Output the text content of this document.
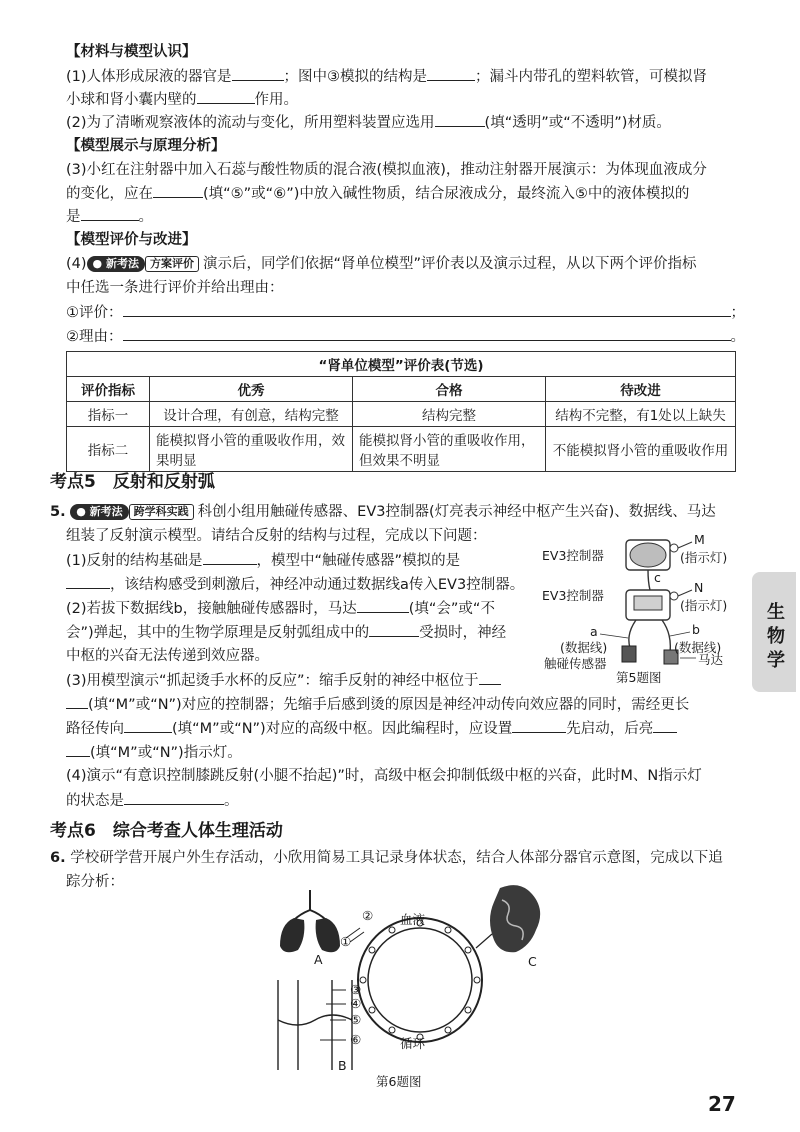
【材料与模型认识】
(1)人体形成尿液的器官是	；图中③模拟的结构是	；漏斗内带孔的塑料软管，可模拟肾
小球和肾小囊内壁的	作用。
(2)为了清晰观察液体的流动与变化，所用塑料装置应选用	(填“透明”或“不透明”)材质。
【模型展示与原理分析】
(3)小红在注射器中加入石蕊与酸性物质的混合液(模拟血液)，推动注射器开展演示：为体现血液成分
的变化，应在	(填“⑤”或“⑥”)中放入碱性物质，结合尿液成分，最终流入⑤中的液体模拟的
是	。
【模型评价与改进】
(4) ● 新考法 方案评价 演示后，同学们依据“肾单位模型”评价表以及演示过程，从以下两个评价指标
中任选一条进行评价并给出理由：
①评价：	；
②理由：	。
“肾单位模型”评价表(节选)			
评价指标	优秀	合格	待改进
指标一	设计合理，有创意，结构完整	结构完整	结构不完整，有1处以上缺失
指标二	能模拟肾小管的重吸收作用，效果明显	能模拟肾小管的重吸收作用，但效果不明显	不能模拟肾小管的重吸收作用
考点5　反射和反射弧
5. ● 新考法 跨学科实践 科创小组用触碰传感器、EV3控制器(灯亮表示神经中枢产生兴奋)、数据线、马达
组装了反射演示模型。请结合反射的结构与过程，完成以下问题：
(1)反射的结构基础是	，模型中“触碰传感器”模拟的是
，该结构感受到刺激后，神经冲动通过数据线a传入EV3控制器。
(2)若拔下数据线b，接触触碰传感器时，马达	(填“会”或“不
会”)弹起，其中的生物学原理是反射弧组成中的	受损时，神经
中枢的兴奋无法传递到效应器。
(3)用模型演示“抓起烫手水杯的反应”：缩手反射的神经中枢位于
(填“M”或“N”)对应的控制器；先缩手后感到烫的原因是神经冲动传向效应器的同时，需经更长
路径传向	(填“M”或“N”)对应的高级中枢。因此编程时，应设置	先启动，后亮
(填“M”或“N”)指示灯。
(4)演示“有意识控制膝跳反射(小腿不抬起)”时，高级中枢会抑制低级中枢的兴奋，此时M、N指示灯
的状态是	。
EV3控制器
EV3控制器
M
(指示灯)
c
N
(指示灯)
b
(数据线)
a
(数据线)
触碰传感器	马达
第5题图
生
物
学
考点6　综合考查人体生理活动
6. 学校研学营开展户外生存活动，小欣用简易工具记录身体状态，结合人体部分器官示意图，完成以下追
踪分析：
血液
循环
A
B
C
①
②
③
④
⑤
⑥
第6题图
27
